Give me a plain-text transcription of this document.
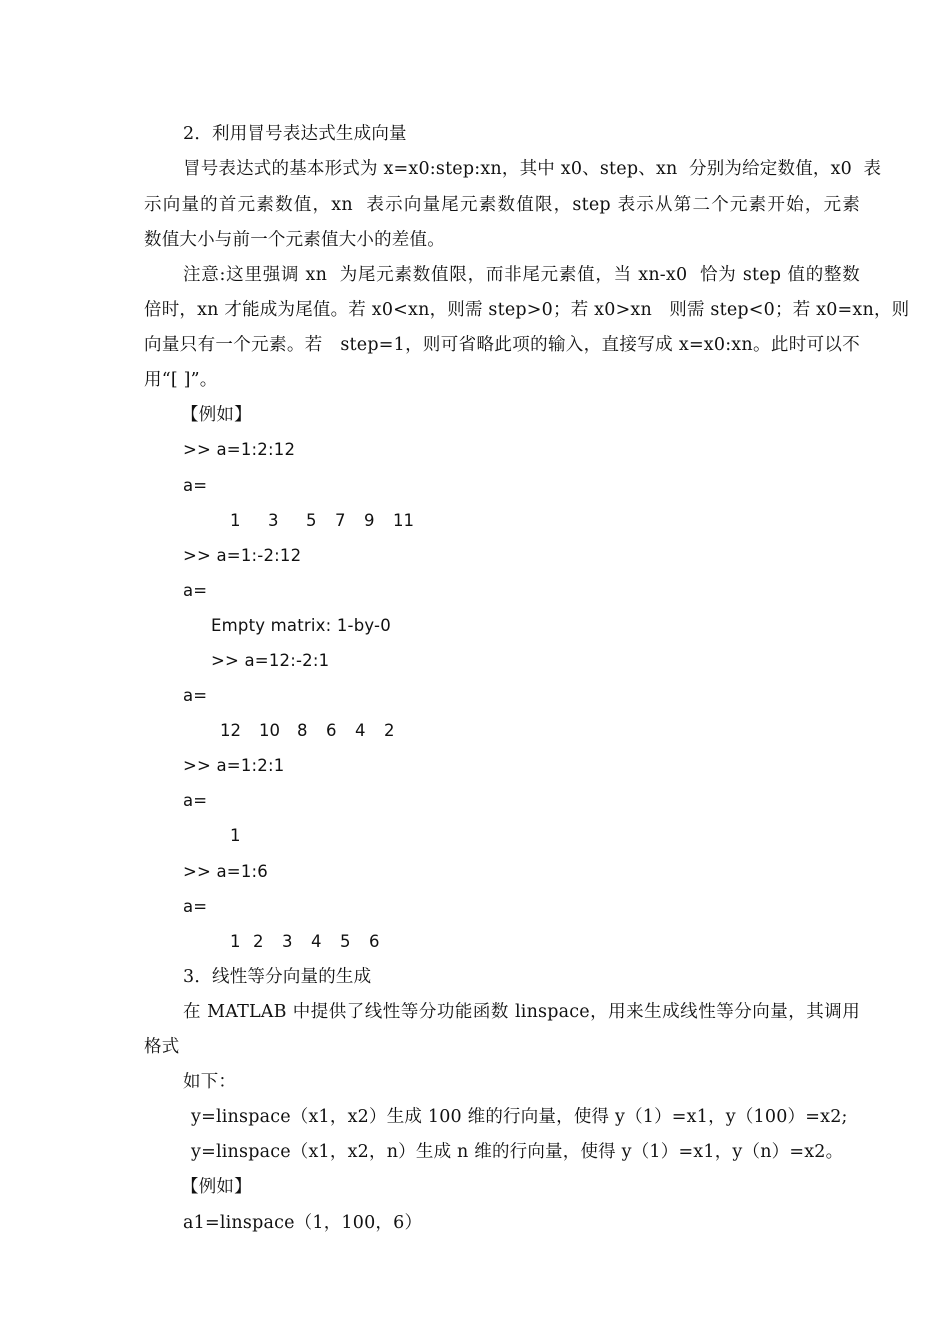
2．利用冒号表达式生成向量
冒号表达式的基本形式为 x=x0:step:xn，其中 x0、step、xn  分别为给定数值，x0  表
示向量的首元素数值，xn  表示向量尾元素数值限，step 表示从第二个元素开始，元素
数值大小与前一个元素值大小的差值。
注意:这里强调 xn  为尾元素数值限，而非尾元素值，当 xn-x0  恰为 step 值的整数
倍时，xn 才能成为尾值。若 x0<xn，则需 step>0；若 x0>xn   则需 step<0；若 x0=xn，则
向量只有一个元素。若   step=1，则可省略此项的输入，直接写成 x=x0:xn。此时可以不
用“[ ]”。
【例如】
>> a=1:2:12
a=
1 3 5 7 9 11
>> a=1:-2:12
a=
Empty matrix: 1-by-0
>> a=12:-2:1
a=
12 10 8 6 4 2
>> a=1:2:1
a=
1
>> a=1:6
a=
1 2 3 4 5 6
3．线性等分向量的生成
在 MATLAB 中提供了线性等分功能函数 linspace，用来生成线性等分向量，其调用
格式
如下：
y=linspace（x1，x2）生成 100 维的行向量，使得 y（1）=x1，y（100）=x2;
y=linspace（x1，x2，n）生成 n 维的行向量，使得 y（1）=x1，y（n）=x2。
【例如】
a1=linspace（1，100，6）
